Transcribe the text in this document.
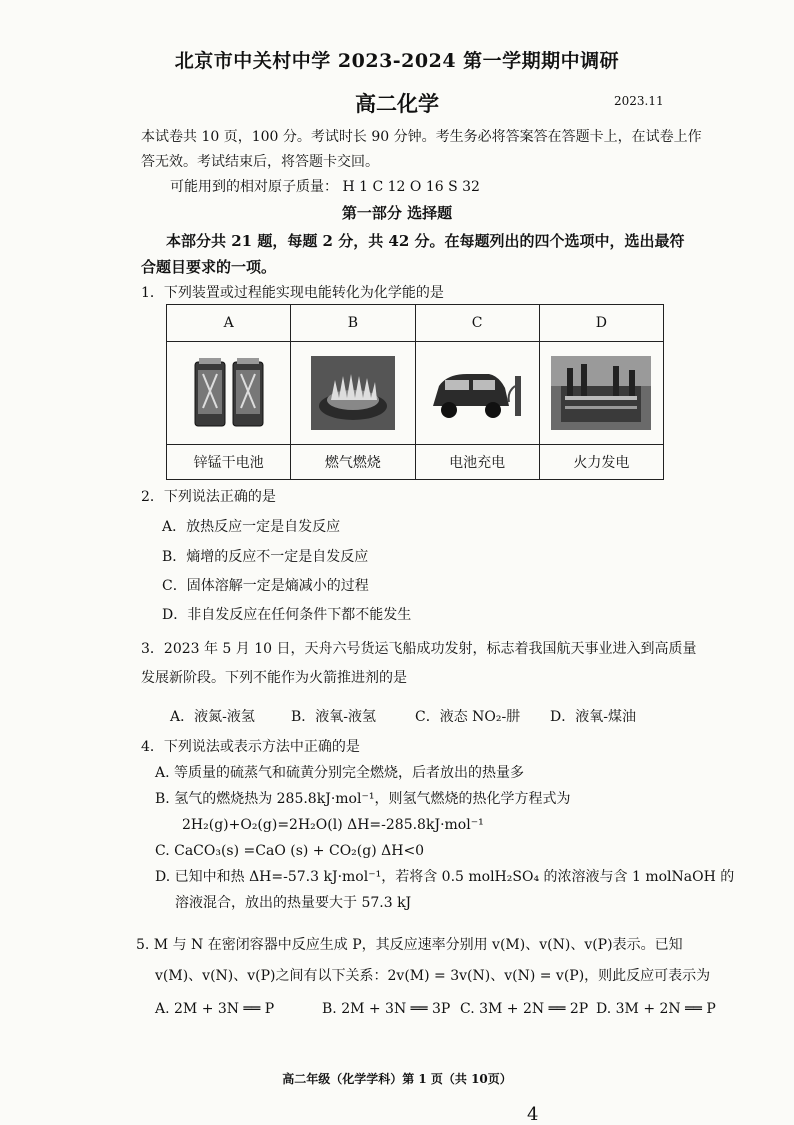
北京市中关村中学 2023-2024 第一学期期中调研
高二化学	2023.11
本试卷共 10 页，100 分。考试时长 90 分钟。考生务必将答案答在答题卡上，在试卷上作
答无效。考试结束后，将答题卡交回。
可能用到的相对原子质量： H 1 C 12 O 16 S 32
第一部分 选择题
本部分共 21 题，每题 2 分，共 42 分。在每题列出的四个选项中，选出最符
合题目要求的一项。
1．下列装置或过程能实现电能转化为化学能的是
A	B	C	D

锌锰干电池	燃气燃烧	电池充电	火力发电
2．下列说法正确的是
A．放热反应一定是自发反应
B．熵增的反应不一定是自发反应
C．固体溶解一定是熵减小的过程
D．非自发反应在任何条件下都不能发生
3．2023 年 5 月 10 日，天舟六号货运飞船成功发射，标志着我国航天事业进入到高质量
发展新阶段。下列不能作为火箭推进剂的是
A．液氮-液氢	B．液氧-液氢	C．液态 NO₂-肼 D．液氧-煤油
4．下列说法或表示方法中正确的是
A. 等质量的硫蒸气和硫黄分别完全燃烧，后者放出的热量多
B. 氢气的燃烧热为 285.8kJ·mol⁻¹，则氢气燃烧的热化学方程式为
2H₂(g)+O₂(g)=2H₂O(l) ΔH=-285.8kJ·mol⁻¹
C. CaCO₃(s) =CaO (s) + CO₂(g) ΔH<0
D. 已知中和热 ΔH=-57.3 kJ·mol⁻¹，若将含 0.5 molH₂SO₄ 的浓溶液与含 1 molNaOH 的
溶液混合，放出的热量要大于 57.3 kJ
5. M 与 N 在密闭容器中反应生成 P，其反应速率分别用 v(M)、v(N)、v(P)表示。已知
v(M)、v(N)、v(P)之间有以下关系：2v(M) = 3v(N)、v(N) = v(P)，则此反应可表示为
A. 2M + 3N ══ P	B. 2M + 3N ══ 3P C. 3M + 2N ══ 2P D. 3M + 2N ══ P
高二年级（化学学科）第 1 页（共 10页）
4
